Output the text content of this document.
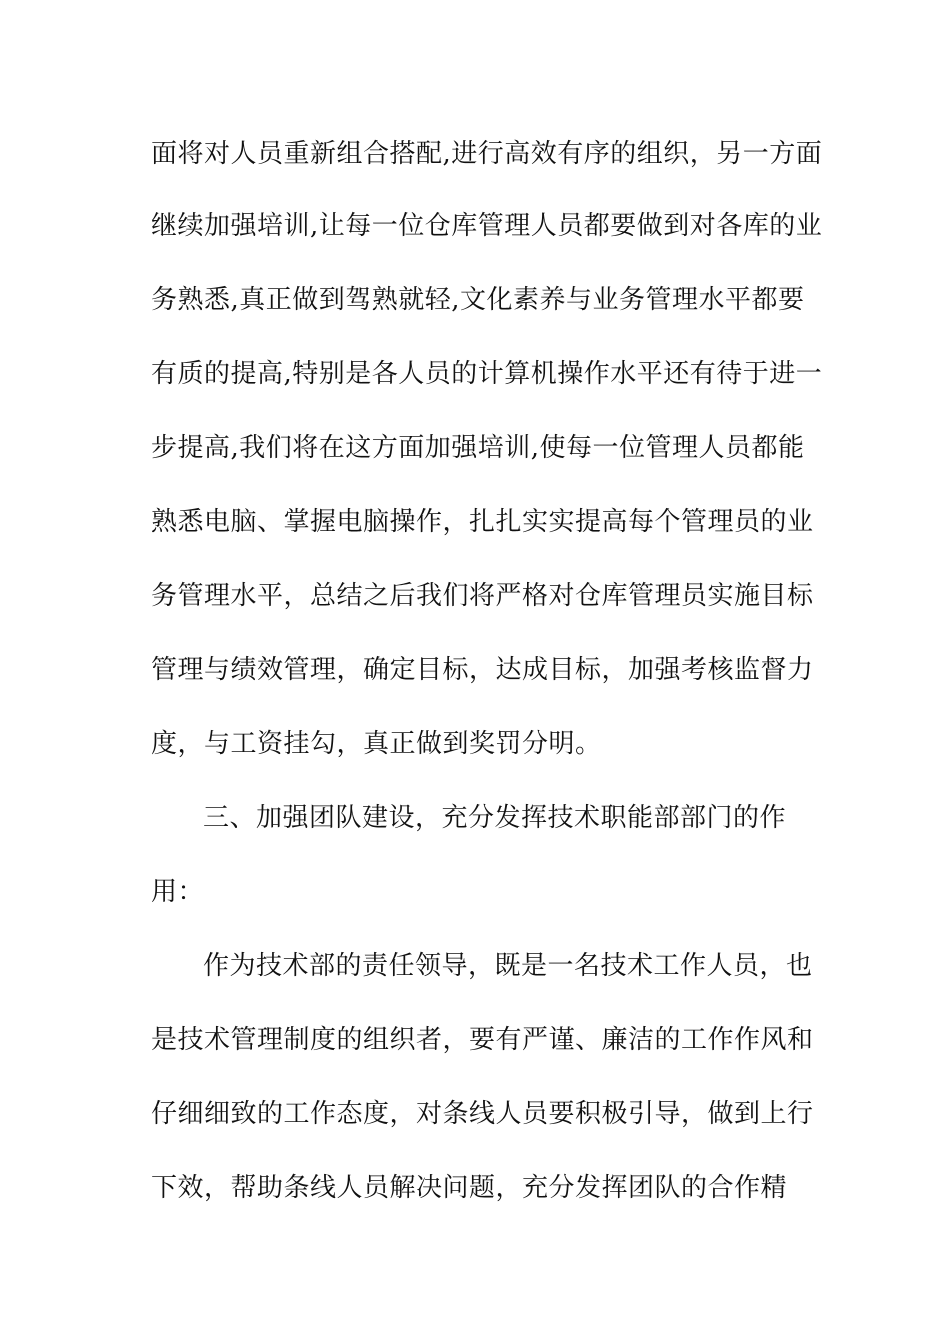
面将对人员重新组合搭配,进行高效有序的组织，另一方面

继续加强培训,让每一位仓库管理人员都要做到对各库的业

务熟悉,真正做到驾熟就轻,文化素养与业务管理水平都要

有质的提高,特别是各人员的计算机操作水平还有待于进一

步提高,我们将在这方面加强培训,使每一位管理人员都能

熟悉电脑、掌握电脑操作，扎扎实实提高每个管理员的业

务管理水平，总结之后我们将严格对仓库管理员实施目标

管理与绩效管理，确定目标，达成目标，加强考核监督力

度，与工资挂勾，真正做到奖罚分明。

三、加强团队建设，充分发挥技术职能部部门的作

用：

作为技术部的责任领导，既是一名技术工作人员，也

是技术管理制度的组织者，要有严谨、廉洁的工作作风和

仔细细致的工作态度，对条线人员要积极引导，做到上行

下效，帮助条线人员解决问题，充分发挥团队的合作精
